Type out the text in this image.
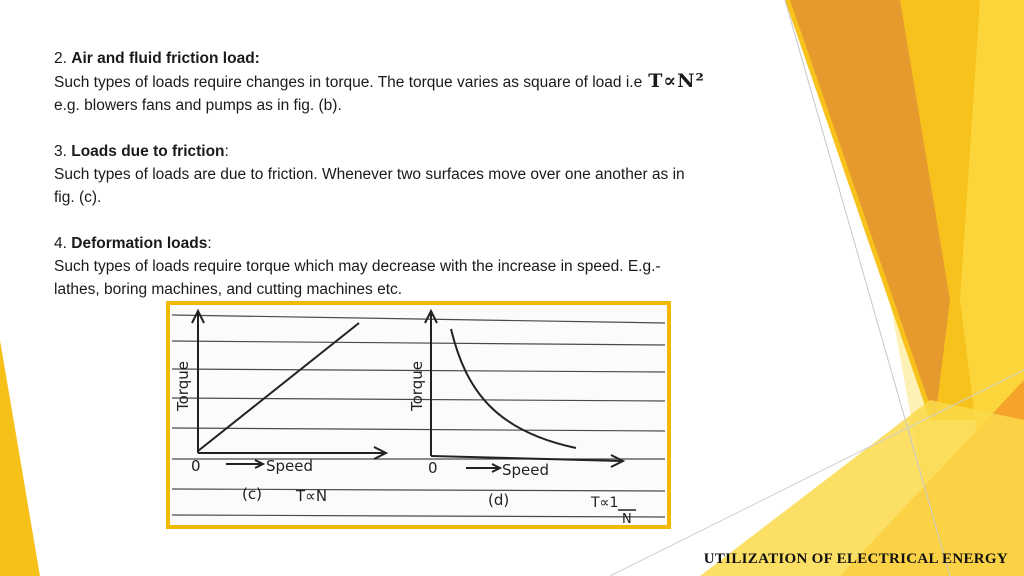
2. Air and fluid friction load:

Such types of loads require changes in torque. The torque varies as square of load i.e T∝N²

e.g. blowers fans and pumps as in fig. (b).

3. Loads due to friction:

Such types of loads are due to friction. Whenever two surfaces move over one another as in

fig. (c).

4. Deformation loads:

Such types of loads require torque which may decrease with the increase in speed. E.g.-

lathes, boring machines, and cutting machines etc.

Torque
0	Speed
(c) T∝N
Torque
0	Speed
(d)	T∝1
N
UTILIZATION OF ELECTRICAL ENERGY
